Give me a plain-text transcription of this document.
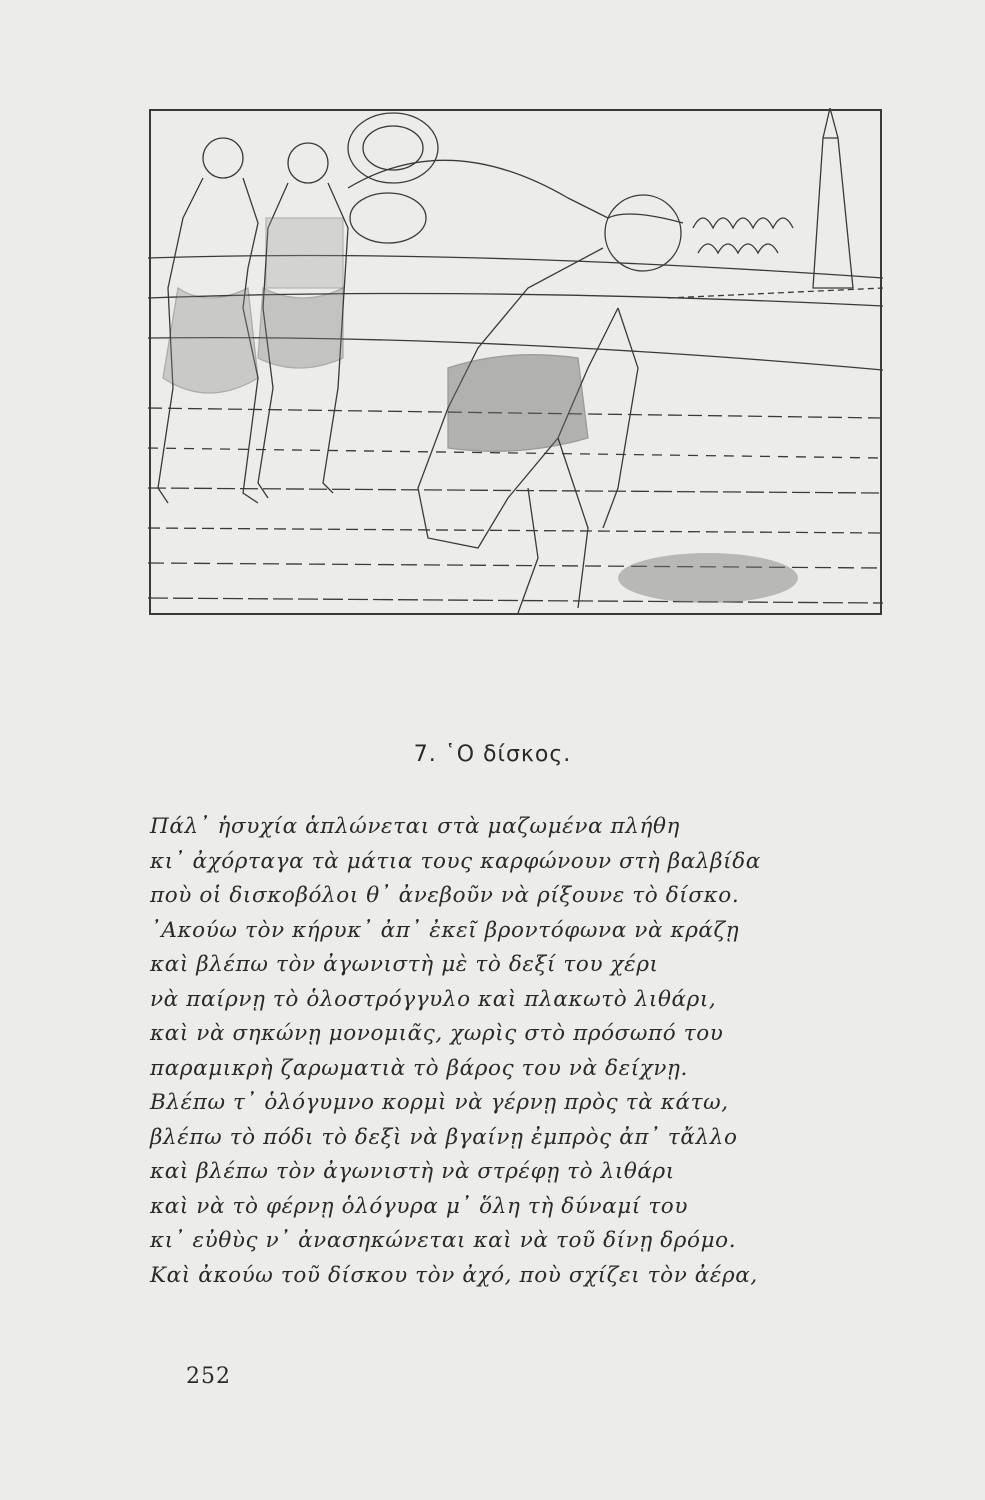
7. ῾Ο δίσκος.
Πάλ᾽ ἡσυχία ἁπλώνεται στὰ μαζωμένα πλήθη
κι᾽ ἀχόρταγα τὰ μάτια τους καρφώνουν στὴ βαλβίδα
ποὺ οἱ δισκοβόλοι θ᾽ ἀνεβοῦν νὰ ρίξουνε τὸ δίσκο.
᾽Ακούω τὸν κήρυκ᾽ ἀπ᾽ ἐκεῖ βροντόφωνα νὰ κράζῃ
καὶ βλέπω τὸν ἀγωνιστὴ μὲ τὸ δεξί του χέρι
νὰ παίρνῃ τὸ ὁλοστρόγγυλο καὶ πλακωτὸ λιθάρι,
καὶ νὰ σηκώνῃ μονομιᾶς, χωρὶς στὸ πρόσωπό του
παραμικρὴ ζαρωματιὰ τὸ βάρος του νὰ δείχνῃ.
Βλέπω τ᾽ ὁλόγυμνο κορμὶ νὰ γέρνῃ πρὸς τὰ κάτω,
βλέπω τὸ πόδι τὸ δεξὶ νὰ βγαίνῃ ἐμπρὸς ἀπ᾽ τἄλλο
καὶ βλέπω τὸν ἀγωνιστὴ νὰ στρέφῃ τὸ λιθάρι
καὶ νὰ τὸ φέρνῃ ὁλόγυρα μ᾽ ὅλη τὴ δύναμί του
κι᾽ εὐθὺς ν᾽ ἀνασηκώνεται καὶ νὰ τοῦ δίνῃ δρόμο.
Καὶ ἀκούω τοῦ δίσκου τὸν ἀχό, ποὺ σχίζει τὸν ἀέρα,
252
